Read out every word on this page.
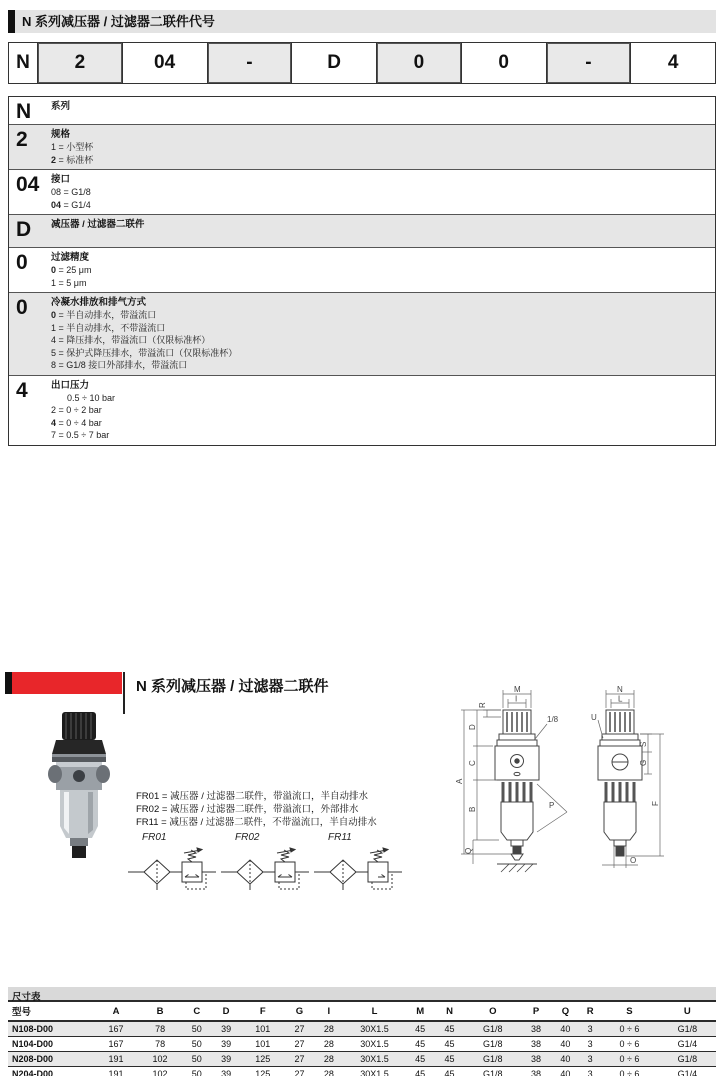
N 系列减压器 / 过滤器二联件代号
N	2	04	-	D	0	0	-	4
N	系列
2	规格
1 = 小型杯
2 = 标准杯
04	接口
08 = G1/8
04 = G1/4
D	减压器 / 过滤器二联件
0	过滤精度
0 = 25 μm
1 = 5 μm
0	冷凝水排放和排气方式
0 = 半自动排水，带溢流口
1 = 半自动排水，不带溢流口
4 = 降压排水，带溢流口（仅限标准杯）
5 = 保护式降压排水，带溢流口（仅限标准杯）
8 = G1/8 接口外部排水，带溢流口
4	出口压力
0.5 ÷ 10 bar
2 = 0 ÷ 2 bar
4 = 0 ÷ 4 bar
7 = 0.5 ÷ 7 bar
N 系列减压器 / 过滤器二联件
FR01 = 减压器 / 过滤器二联件，带溢流口，半自动排水
FR02 = 减压器 / 过滤器二联件，带溢流口，外部排水
FR11 = 减压器 / 过滤器二联件，不带溢流口，半自动排水
FR01	FR02	FR11
M
I
R
D
C
A
B
Q
1/8
P
N
L
U
S
G
F
O
尺寸表
型号	A	B	C	D	F	G	I	L	M	N	O	P	Q	R	S	U
N108-D00	167	78	50	39	101	27	28	30X1.5	45	45	G1/8	38	40	3	0 ÷ 6	G1/8
N104-D00	167	78	50	39	101	27	28	30X1.5	45	45	G1/8	38	40	3	0 ÷ 6	G1/4
N208-D00	191	102	50	39	125	27	28	30X1.5	45	45	G1/8	38	40	3	0 ÷ 6	G1/8
N204-D00	191	102	50	39	125	27	28	30X1.5	45	45	G1/8	38	40	3	0 ÷ 6	G1/4
